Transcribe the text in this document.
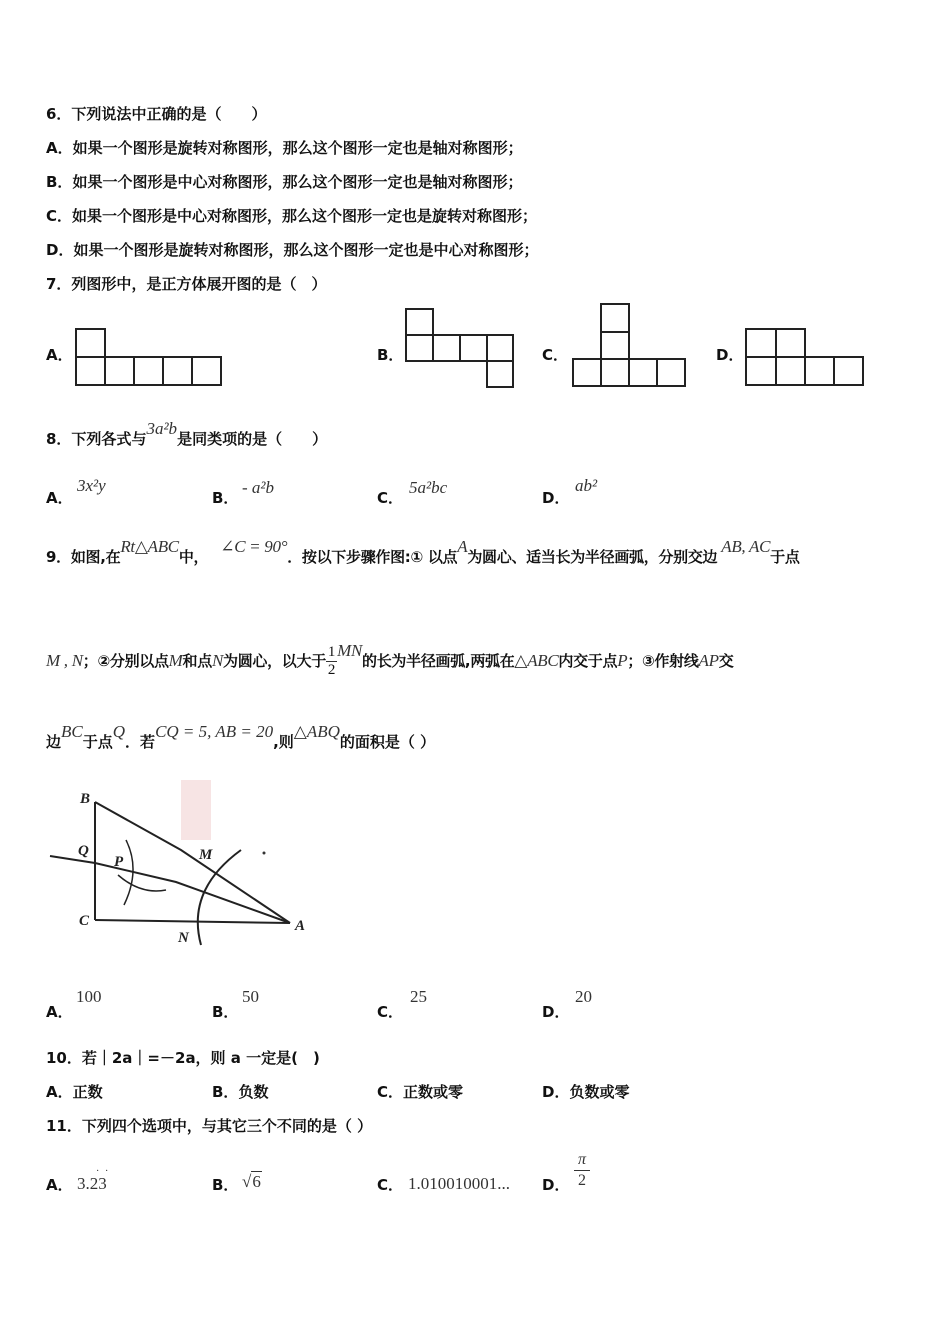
6．下列说法中正确的是（　　）
A．如果一个图形是旋转对称图形，那么这个图形一定也是轴对称图形；
B．如果一个图形是中心对称图形，那么这个图形一定也是轴对称图形；
C．如果一个图形是中心对称图形，那么这个图形一定也是旋转对称图形；
D．如果一个图形是旋转对称图形，那么这个图形一定也是中心对称图形；
7．列图形中，是正方体展开图的是（　）
A．	B．	C．	D．
8．下列各式与3a²b是同类项的是（　　）
A．
3x²y
B．
- a²b
C．
5a²bc
D．
ab²
9．如图,在Rt△ABC中，∠C = 90°．按以下步骤作图:① 以点A为圆心、适当长为半径画弧，分别交边AB, AC于点
M , N；②分别以点M和点N为圆心，以大于 $\frac{1}{2}$ MN的长为半径画弧,两弧在△ABC内交于点P；③作射线AP交
边BC于点Q．若CQ = 5, AB = 20,则△ABQ的面积是（ ）
B
Q
P	M
C
N
A
A．
100
B．
50
C．
25
D．
20
10．若｜2a｜=－2a，则 a 一定是(　)
A．正数	B．负数	C．正数或零	D．负数或零
11．下列四个选项中，与其它三个不同的是（ ）
A． 3.23
· ·
B． √6	C． 1.010010001... D． $\frac{\pi}{2}$
